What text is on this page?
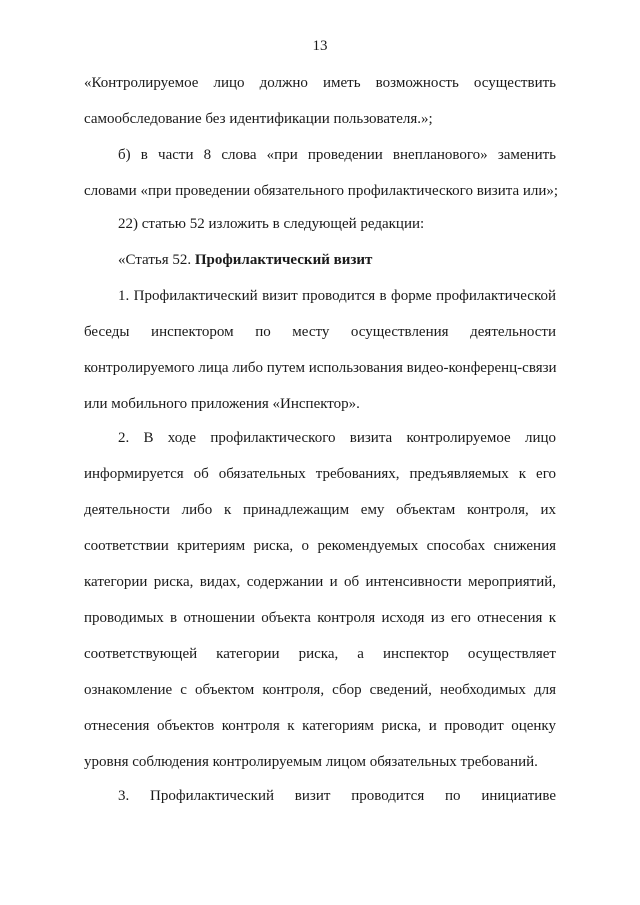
13
«Контролируемое лицо должно иметь возможность осуществить
самообследование без идентификации пользователя.»;
б) в части 8 слова «при проведении внепланового» заменить
словами «при проведении обязательного профилактического визита или»;
22) статью 52 изложить в следующей редакции:
«Статья 52. Профилактический визит
1. Профилактический визит проводится в форме профилактической
беседы инспектором по месту осуществления деятельности
контролируемого лица либо путем использования видео-конференц-связи
или мобильного приложения «Инспектор».
2. В ходе профилактического визита контролируемое лицо
информируется об обязательных требованиях, предъявляемых к его
деятельности либо к принадлежащим ему объектам контроля, их
соответствии критериям риска, о рекомендуемых способах снижения
категории риска, видах, содержании и об интенсивности мероприятий,
проводимых в отношении объекта контроля исходя из его отнесения к
соответствующей категории риска, а инспектор осуществляет
ознакомление с объектом контроля, сбор сведений, необходимых для
отнесения объектов контроля к категориям риска, и проводит оценку
уровня соблюдения контролируемым лицом обязательных требований.
3. Профилактический визит проводится по инициативе
